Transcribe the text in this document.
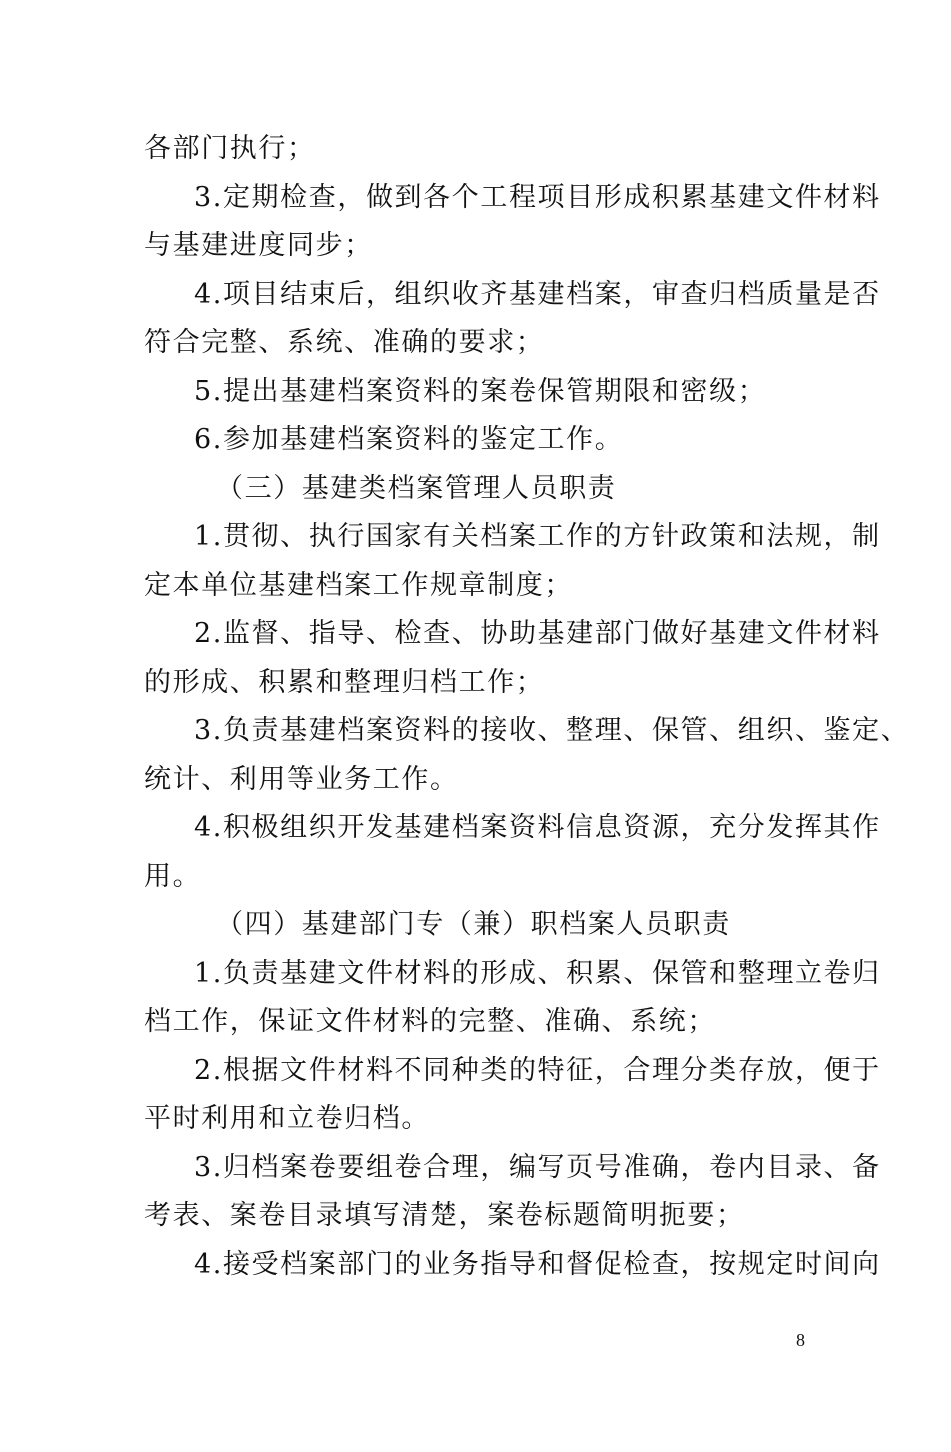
各部门执行；
3.定期检查，做到各个工程项目形成积累基建文件材料
与基建进度同步；
4.项目结束后，组织收齐基建档案，审查归档质量是否
符合完整、系统、准确的要求；
5.提出基建档案资料的案卷保管期限和密级；
6.参加基建档案资料的鉴定工作。
（三）基建类档案管理人员职责
1.贯彻、执行国家有关档案工作的方针政策和法规，制
定本单位基建档案工作规章制度；
2.监督、指导、检查、协助基建部门做好基建文件材料
的形成、积累和整理归档工作；
3.负责基建档案资料的接收、整理、保管、组织、鉴定、
统计、利用等业务工作。
4.积极组织开发基建档案资料信息资源，充分发挥其作
用。
（四）基建部门专（兼）职档案人员职责
1.负责基建文件材料的形成、积累、保管和整理立卷归
档工作，保证文件材料的完整、准确、系统；
2.根据文件材料不同种类的特征，合理分类存放，便于
平时利用和立卷归档。
3.归档案卷要组卷合理，编写页号准确，卷内目录、备
考表、案卷目录填写清楚，案卷标题简明扼要；
4.接受档案部门的业务指导和督促检查，按规定时间向
8
